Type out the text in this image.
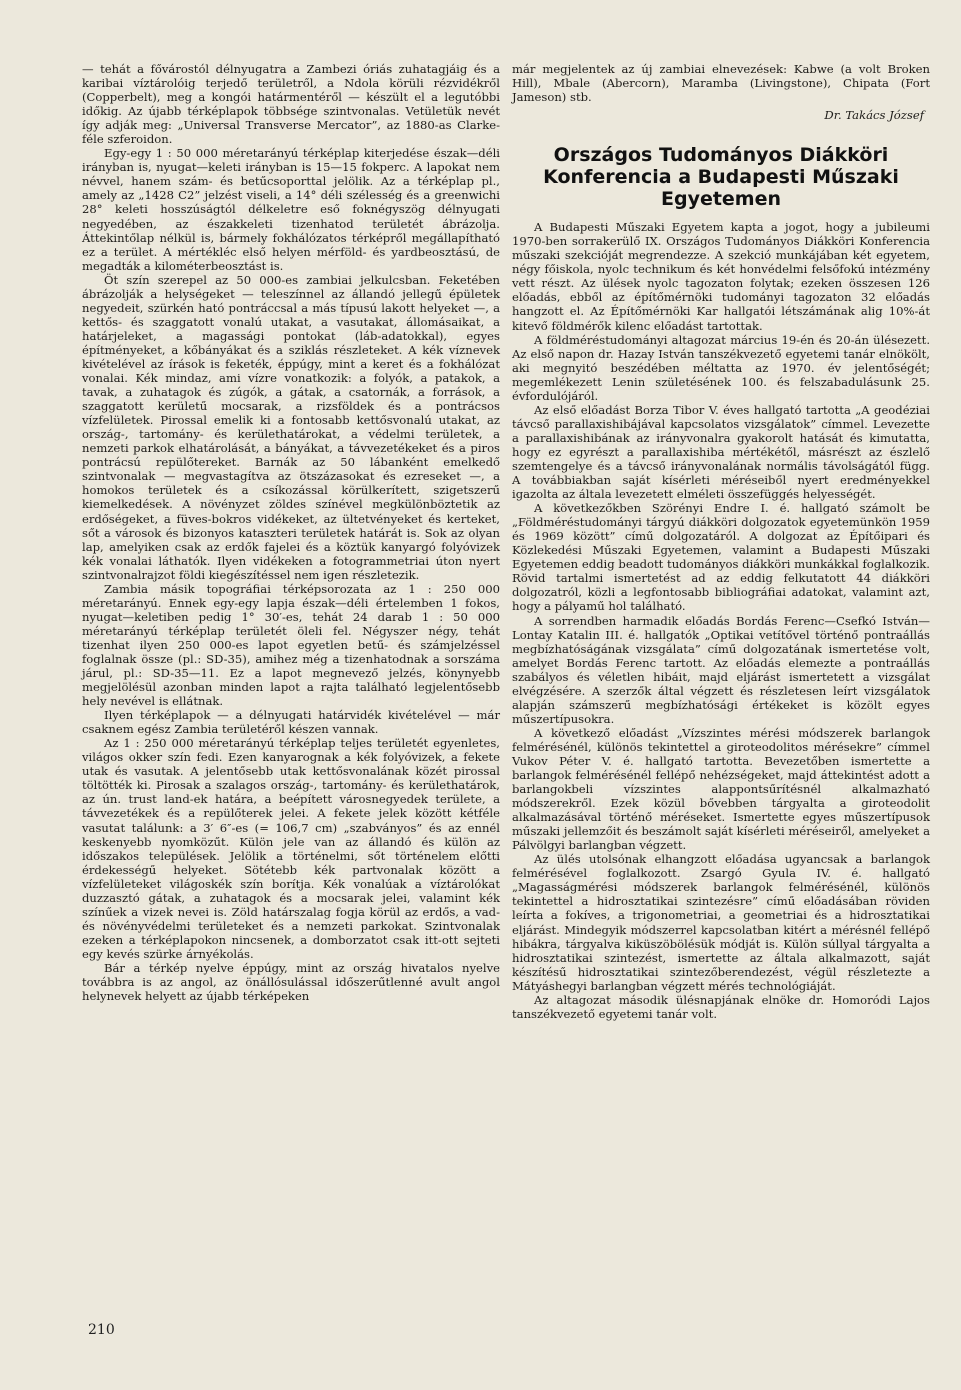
— tehát a fővárostól délnyugatra a Zambezi óriás zuhatagjáig és a karibai víztárolóig terjedő területről, a Ndola körüli rézvidékről (Copperbelt), meg a kongói határmentéről — készült el a legutóbbi időkig. Az újabb térképlapok többsége szintvonalas. Vetületük nevét így adják meg: „Universal Transverse Mercator”, az 1880-as Clarke-féle szferoidon.

Egy-egy 1 : 50 000 méretarányú térképlap kiterjedése észak—déli irányban is, nyugat—keleti irányban is 15—15 fokperc. A lapokat nem névvel, hanem szám- és betűcsoporttal jelölik. Az a térképlap pl., amely az „1428 C2” jelzést viseli, a 14° déli szélesség és a greenwichi 28° keleti hosszúságtól délkeletre eső foknégyszög délnyugati negyedében, az északkeleti tizenhatod területét ábrázolja. Áttekintőlap nélkül is, bármely fokhálózatos térképről megállapítható ez a terület. A mértékléc első helyen mérföld- és yardbeosztású, de megadták a kilométerbeosztást is.

Öt szín szerepel az 50 000-es zambiai jelkulcsban. Feketében ábrázolják a helységeket — teleszínnel az állandó jellegű épületek negyedeit, szürkén ható pontráccsal a más típusú lakott helyeket —, a kettős- és szaggatott vonalú utakat, a vasutakat, állomásaikat, a határjeleket, a magassági pontokat (láb-adatokkal), egyes építményeket, a kőbányákat és a sziklás részleteket. A kék víznevek kivételével az írások is feketék, éppúgy, mint a keret és a fokhálózat vonalai. Kék mindaz, ami vízre vonatkozik: a folyók, a patakok, a tavak, a zuhatagok és zúgók, a gátak, a csatornák, a források, a szaggatott kerületű mocsarak, a rizsföldek és a pontrácsos vízfelületek. Pirossal emelik ki a fontosabb kettősvonalú utakat, az ország-, tartomány- és kerülethatárokat, a védelmi területek, a nemzeti parkok elhatárolását, a bányákat, a távvezetékeket és a piros pontrácsú repülőtereket. Barnák az 50 lábanként emelkedő szintvonalak — megvastagítva az ötszázasokat és ezreseket —, a homokos területek és a csíkozással körülkerített, szigetszerű kiemelkedések. A növényzet zöldes színével megkülönböztetik az erdőségeket, a füves-bokros vidékeket, az ültetvényeket és kerteket, sőt a városok és bizonyos kataszteri területek határát is. Sok az olyan lap, amelyiken csak az erdők fajelei és a köztük kanyargó folyóvizek kék vonalai láthatók. Ilyen vidékeken a fotogrammetriai úton nyert szintvonalrajzot földi kiegészítéssel nem igen részletezik.

Zambia másik topográfiai térképsorozata az 1 : 250 000 méretarányú. Ennek egy-egy lapja észak—déli értelemben 1 fokos, nyugat—keletiben pedig 1° 30′-es, tehát 24 darab 1 : 50 000 méretarányú térképlap területét öleli fel. Négyszer négy, tehát tizenhat ilyen 250 000-es lapot egyetlen betű- és számjelzéssel foglalnak össze (pl.: SD-35), amihez még a tizenhatodnak a sorszáma járul, pl.: SD-35—11. Ez a lapot megnevező jelzés, könynyebb megjelölésül azonban minden lapot a rajta található legjelentősebb hely nevével is ellátnak.

Ilyen térképlapok — a délnyugati határvidék kivételével — már csaknem egész Zambia területéről készen vannak.

Az 1 : 250 000 méretarányú térképlap teljes területét egyenletes, világos okker szín fedi. Ezen kanyarognak a kék folyóvizek, a fekete utak és vasutak. A jelentősebb utak kettősvonalának közét pirossal töltötték ki. Pirosak a szalagos ország-, tartomány- és kerülethatárok, az ún. trust land-ek határa, a beépített városnegyedek területe, a távvezetékek és a repülőterek jelei. A fekete jelek között kétféle vasutat találunk: a 3′ 6″-es (= 106,7 cm) „szabványos” és az ennél keskenyebb nyomközűt. Külön jele van az állandó és külön az időszakos települések. Jelölik a történelmi, sőt történelem előtti érdekességű helyeket. Sötétebb kék partvonalak között a vízfelületeket világoskék szín borítja. Kék vonalúak a víztárolókat duzzasztó gátak, a zuhatagok és a mocsarak jelei, valamint kék színűek a vizek nevei is. Zöld határszalag fogja körül az erdős, a vad- és növényvédelmi területeket és a nemzeti parkokat. Szintvonalak ezeken a térképlapokon nincsenek, a domborzatot csak itt-ott sejteti egy kevés szürke árnyékolás.

Bár a térkép nyelve éppúgy, mint az ország hivatalos nyelve továbbra is az angol, az önállósulással időszerűtlenné avult angol helynevek helyett az újabb térképeken

már megjelentek az új zambiai elnevezések: Kabwe (a volt Broken Hill), Mbale (Abercorn), Maramba (Livingstone), Chipata (Fort Jameson) stb.

Dr. Takács József
Országos Tudományos Diákköri
Konferencia a Budapesti Műszaki
Egyetemen

A Budapesti Műszaki Egyetem kapta a jogot, hogy a jubileumi 1970-ben sorrakerülő IX. Országos Tudományos Diákköri Konferencia műszaki szekcióját megrendezze. A szekció munkájában két egyetem, négy főiskola, nyolc technikum és két honvédelmi felsőfokú intézmény vett részt. Az ülések nyolc tagozaton folytak; ezeken összesen 126 előadás, ebből az építőmérnöki tudományi tagozaton 32 előadás hangzott el. Az Építőmérnöki Kar hallgatói létszámának alig 10%-át kitevő földmérők kilenc előadást tartottak.

A földméréstudományi altagozat március 19-én és 20-án ülésezett. Az első napon dr. Hazay István tanszékvezető egyetemi tanár elnökölt, aki megnyitó beszédében méltatta az 1970. év jelentőségét; megemlékezett Lenin születésének 100. és felszabadulásunk 25. évfordulójáról.

Az első előadást Borza Tibor V. éves hallgató tartotta „A geodéziai távcső parallaxishibájával kapcsolatos vizsgálatok” címmel. Levezette a parallaxishibának az irányvonalra gyakorolt hatását és kimutatta, hogy ez egyrészt a parallaxishiba mértékétől, másrészt az észlelő szemtengelye és a távcső irányvonalának normális távolságától függ. A továbbiakban saját kísérleti méréseiből nyert eredményekkel igazolta az általa levezetett elméleti összefüggés helyességét.

A következőkben Szörényi Endre I. é. hallgató számolt be „Földméréstudományi tárgyú diákköri dolgozatok egyetemünkön 1959 és 1969 között” című dolgozatáról. A dolgozat az Építőipari és Közlekedési Műszaki Egyetemen, valamint a Budapesti Műszaki Egyetemen eddig beadott tudományos diákköri munkákkal foglalkozik. Rövid tartalmi ismertetést ad az eddig felkutatott 44 diákköri dolgozatról, közli a legfontosabb bibliográfiai adatokat, valamint azt, hogy a pályamű hol található.

A sorrendben harmadik előadás Bordás Ferenc—Csefkó István—Lontay Katalin III. é. hallgatók „Optikai vetítővel történő pontraállás megbízhatóságának vizsgálata” című dolgozatának ismertetése volt, amelyet Bordás Ferenc tartott. Az előadás elemezte a pontraállás szabályos és véletlen hibáit, majd eljárást ismertetett a vizsgálat elvégzésére. A szerzők által végzett és részletesen leírt vizsgálatok alapján számszerű megbízhatósági értékeket is közölt egyes műszertípusokra.

A következő előadást „Vízszintes mérési módszerek barlangok felmérésénél, különös tekintettel a giroteodolitos mérésekre” címmel Vukov Péter V. é. hallgató tartotta. Bevezetőben ismertette a barlangok felmérésénél fellépő nehézségeket, majd áttekintést adott a barlangokbeli vízszintes alappontsűrítésnél alkalmazható módszerekről. Ezek közül bővebben tárgyalta a giroteodolit alkalmazásával történő méréseket. Ismertette egyes műszertípusok műszaki jellemzőit és beszámolt saját kísérleti méréseiről, amelyeket a Pálvölgyi barlangban végzett.

Az ülés utolsónak elhangzott előadása ugyancsak a barlangok felmérésével foglalkozott. Zsargó Gyula IV. é. hallgató „Magasságmérési módszerek barlangok felmérésénél, különös tekintettel a hidrosztatikai szintezésre” című előadásában röviden leírta a fokíves, a trigonometriai, a geometriai és a hidrosztatikai eljárást. Mindegyik módszerrel kapcsolatban kitért a mérésnél fellépő hibákra, tárgyalva kiküszöbölésük módját is. Külön súllyal tárgyalta a hidrosztatikai szintezést, ismertette az általa alkalmazott, saját készítésű hidrosztatikai szintezőberendezést, végül részletezte a Mátyáshegyi barlangban végzett mérés technológiáját.

Az altagozat második ülésnapjának elnöke dr. Homoródi Lajos tanszékvezető egyetemi tanár volt.

210
